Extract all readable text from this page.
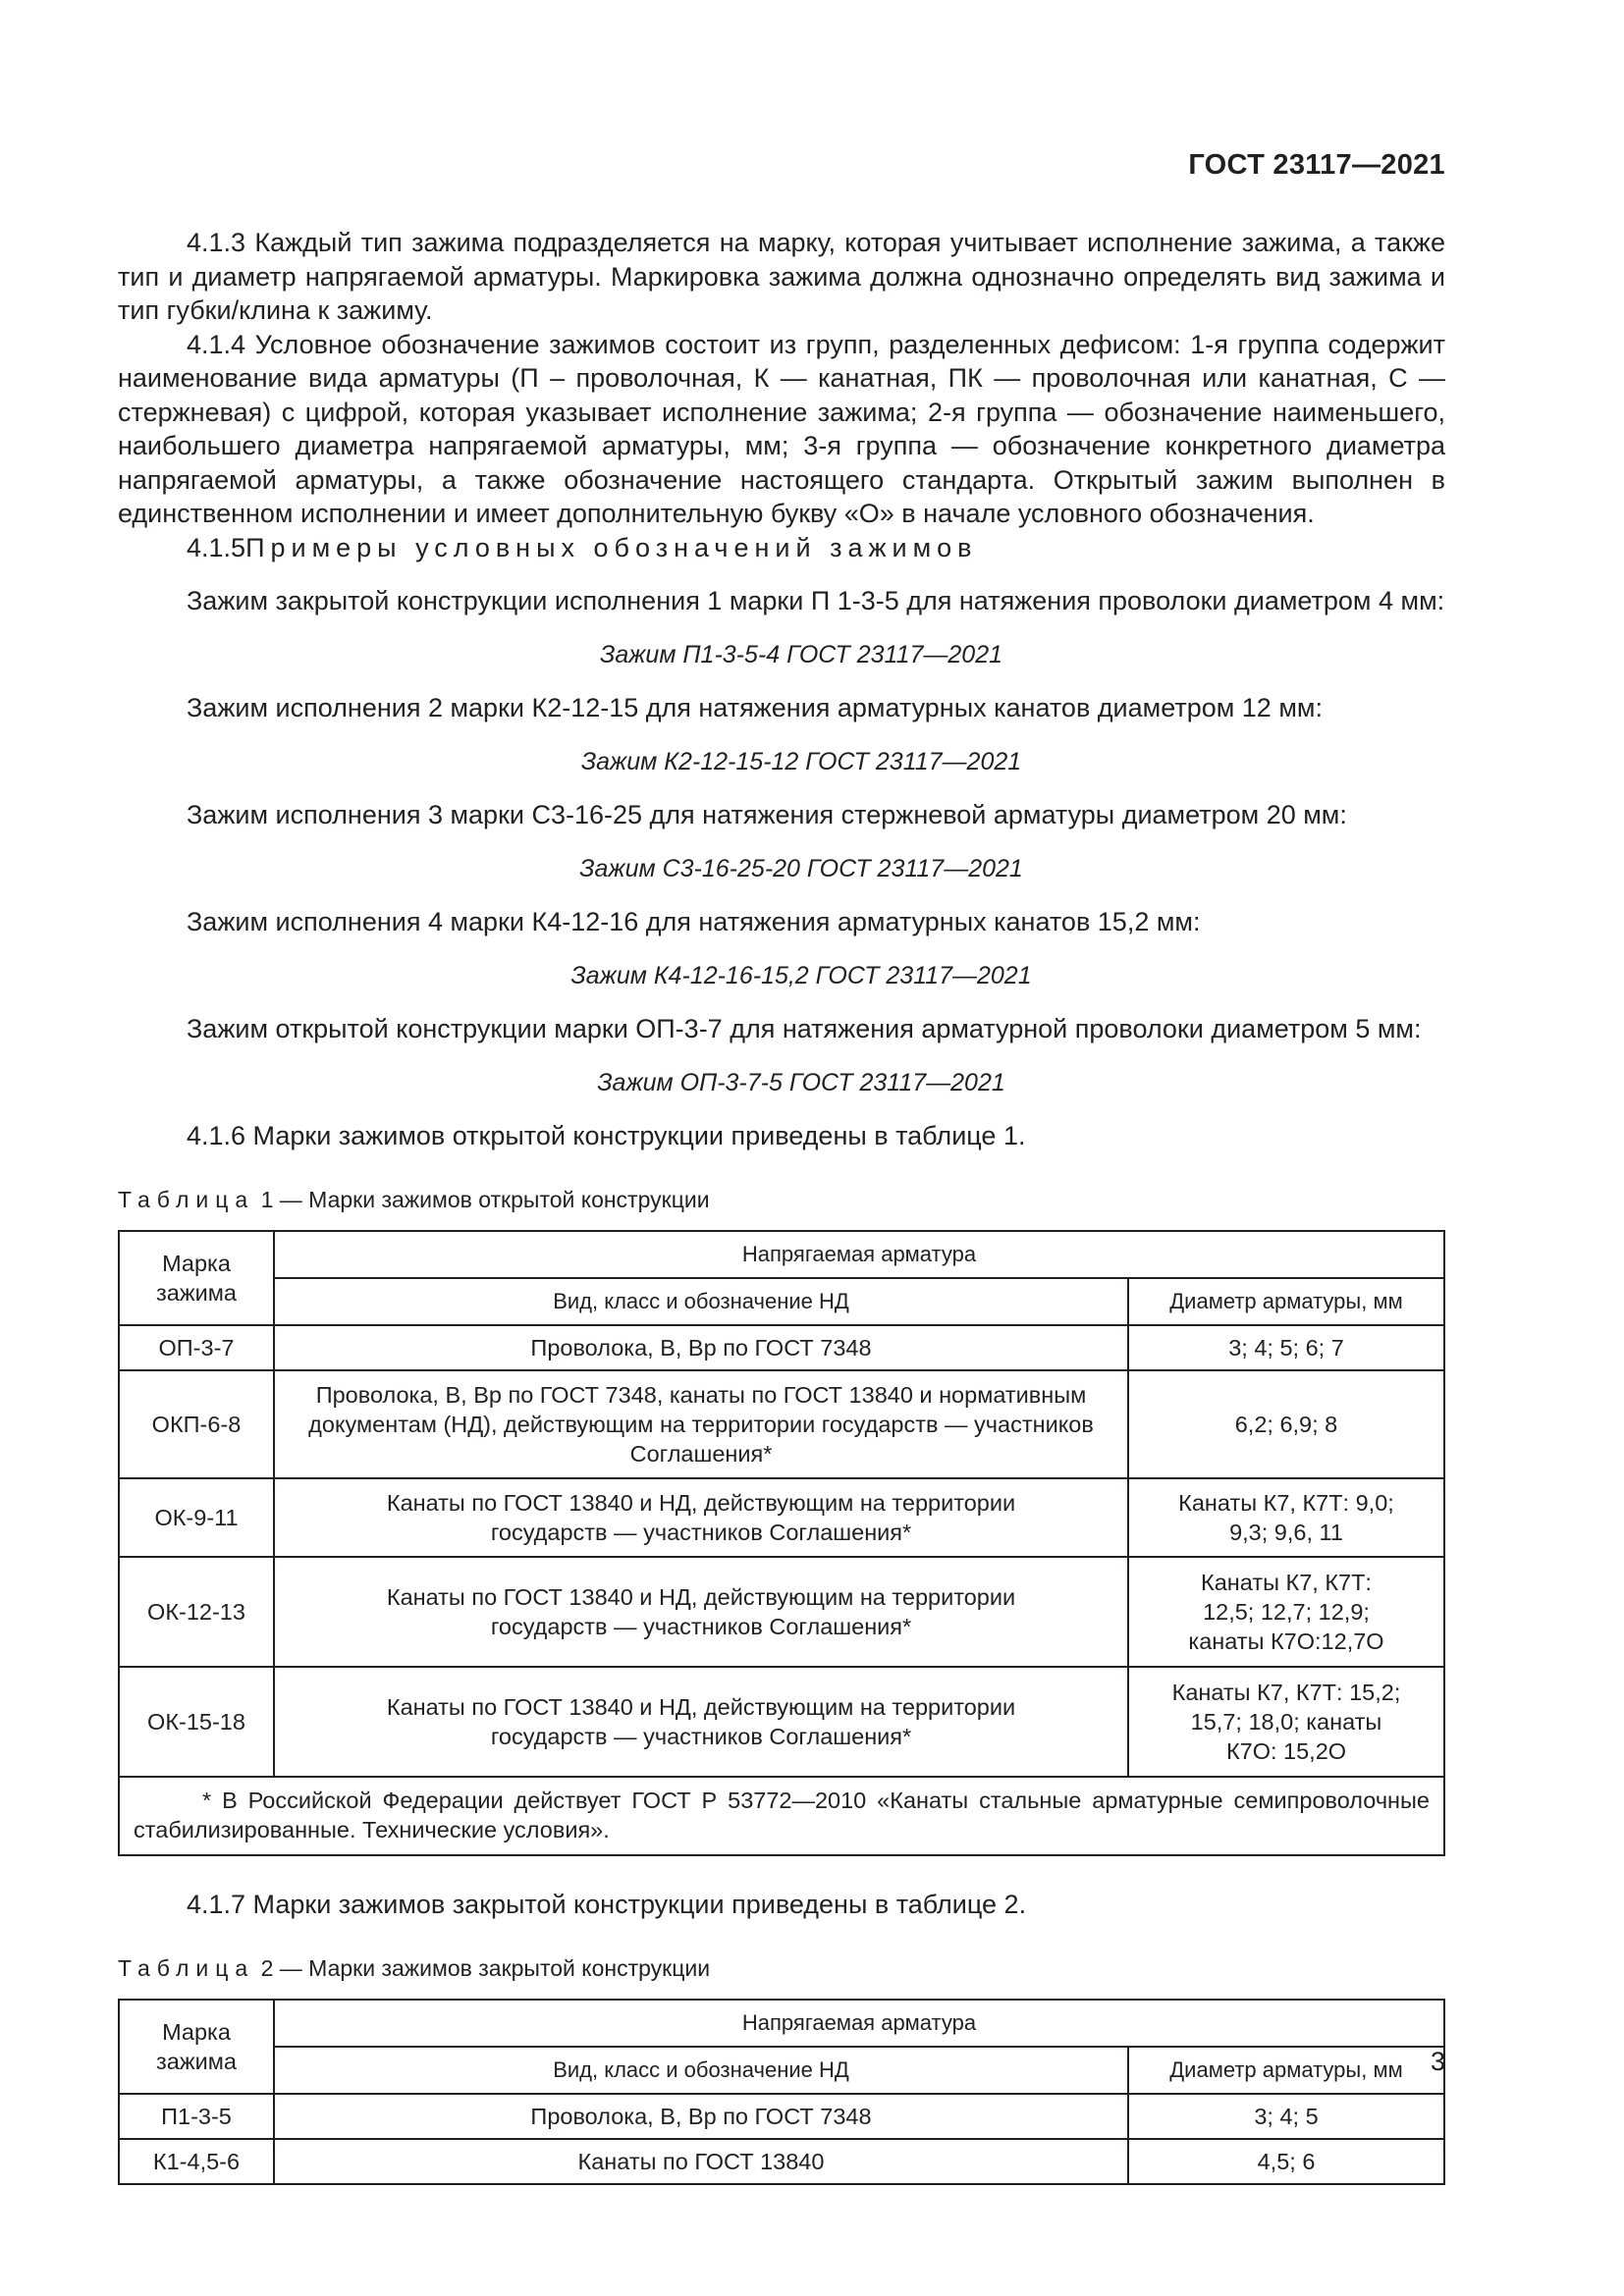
ГОСТ 23117—2021

4.1.3 Каждый тип зажима подразделяется на марку, которая учитывает исполнение зажима, а также тип и диаметр напрягаемой арматуры. Маркировка зажима должна однозначно определять вид зажима и тип губки/клина к зажиму.

4.1.4 Условное обозначение зажимов состоит из групп, разделенных дефисом: 1-я группа содержит наименование вида арматуры (П – проволочная, К — канатная, ПК — проволочная или канатная, С — стержневая) с цифрой, которая указывает исполнение зажима; 2-я группа — обозначение наименьшего, наибольшего диаметра напрягаемой арматуры, мм; 3-я группа — обозначение конкретного диаметра напрягаемой арматуры, а также обозначение настоящего стандарта. Открытый зажим выполнен в единственном исполнении и имеет дополнительную букву «О» в начале условного обозначения.

4.1.5Примеры условных обозначений зажимов

Зажим закрытой конструкции исполнения 1 марки П 1-3-5 для натяжения проволоки диаметром 4 мм:

Зажим П1-3-5-4 ГОСТ 23117—2021

Зажим исполнения 2 марки К2-12-15 для натяжения арматурных канатов диаметром 12 мм:

Зажим К2-12-15-12 ГОСТ 23117—2021

Зажим исполнения 3 марки С3-16-25 для натяжения стержневой арматуры диаметром 20 мм:

Зажим С3-16-25-20 ГОСТ 23117—2021

Зажим исполнения 4 марки К4-12-16 для натяжения арматурных канатов 15,2 мм:

Зажим К4-12-16-15,2 ГОСТ 23117—2021

Зажим открытой конструкции марки ОП-3-7 для натяжения арматурной проволоки диаметром 5 мм:

Зажим ОП-3-7-5 ГОСТ 23117—2021

4.1.6 Марки зажимов открытой конструкции приведены в таблице 1.

Таблица 1 — Марки зажимов открытой конструкции

Марка зажима	Напрягаемая арматура	
	Вид, класс и обозначение НД	Диаметр арматуры, мм
ОП-3-7	Проволока, В, Вр по ГОСТ 7348	3; 4; 5; 6; 7
ОКП-6-8	Проволока, В, Вр по ГОСТ 7348, канаты по ГОСТ 13840 и нормативным документам (НД), действующим на территории государств — участников Соглашения*	6,2; 6,9; 8
ОК-9-11	Канаты по ГОСТ 13840 и НД, действующим на территории государств — участников Соглашения*	Канаты К7, К7Т: 9,0; 9,3; 9,6, 11
ОК-12-13	Канаты по ГОСТ 13840 и НД, действующим на территории государств — участников Соглашения*	Канаты К7, К7Т: 12,5; 12,7; 12,9; канаты К7О:12,7О
ОК-15-18	Канаты по ГОСТ 13840 и НД, действующим на территории государств — участников Соглашения*	Канаты К7, К7Т: 15,2; 15,7; 18,0; канаты К7О: 15,2О
* В Российской Федерации действует ГОСТ Р 53772—2010 «Канаты стальные арматурные семипроволочные стабилизированные. Технические условия».		

4.1.7 Марки зажимов закрытой конструкции приведены в таблице 2.

Таблица 2 — Марки зажимов закрытой конструкции

Марка зажима	Напрягаемая арматура	
	Вид, класс и обозначение НД	Диаметр арматуры, мм
П1-3-5	Проволока, В, Вр по ГОСТ 7348	3; 4; 5
К1-4,5-6	Канаты по ГОСТ 13840	4,5; 6
3
